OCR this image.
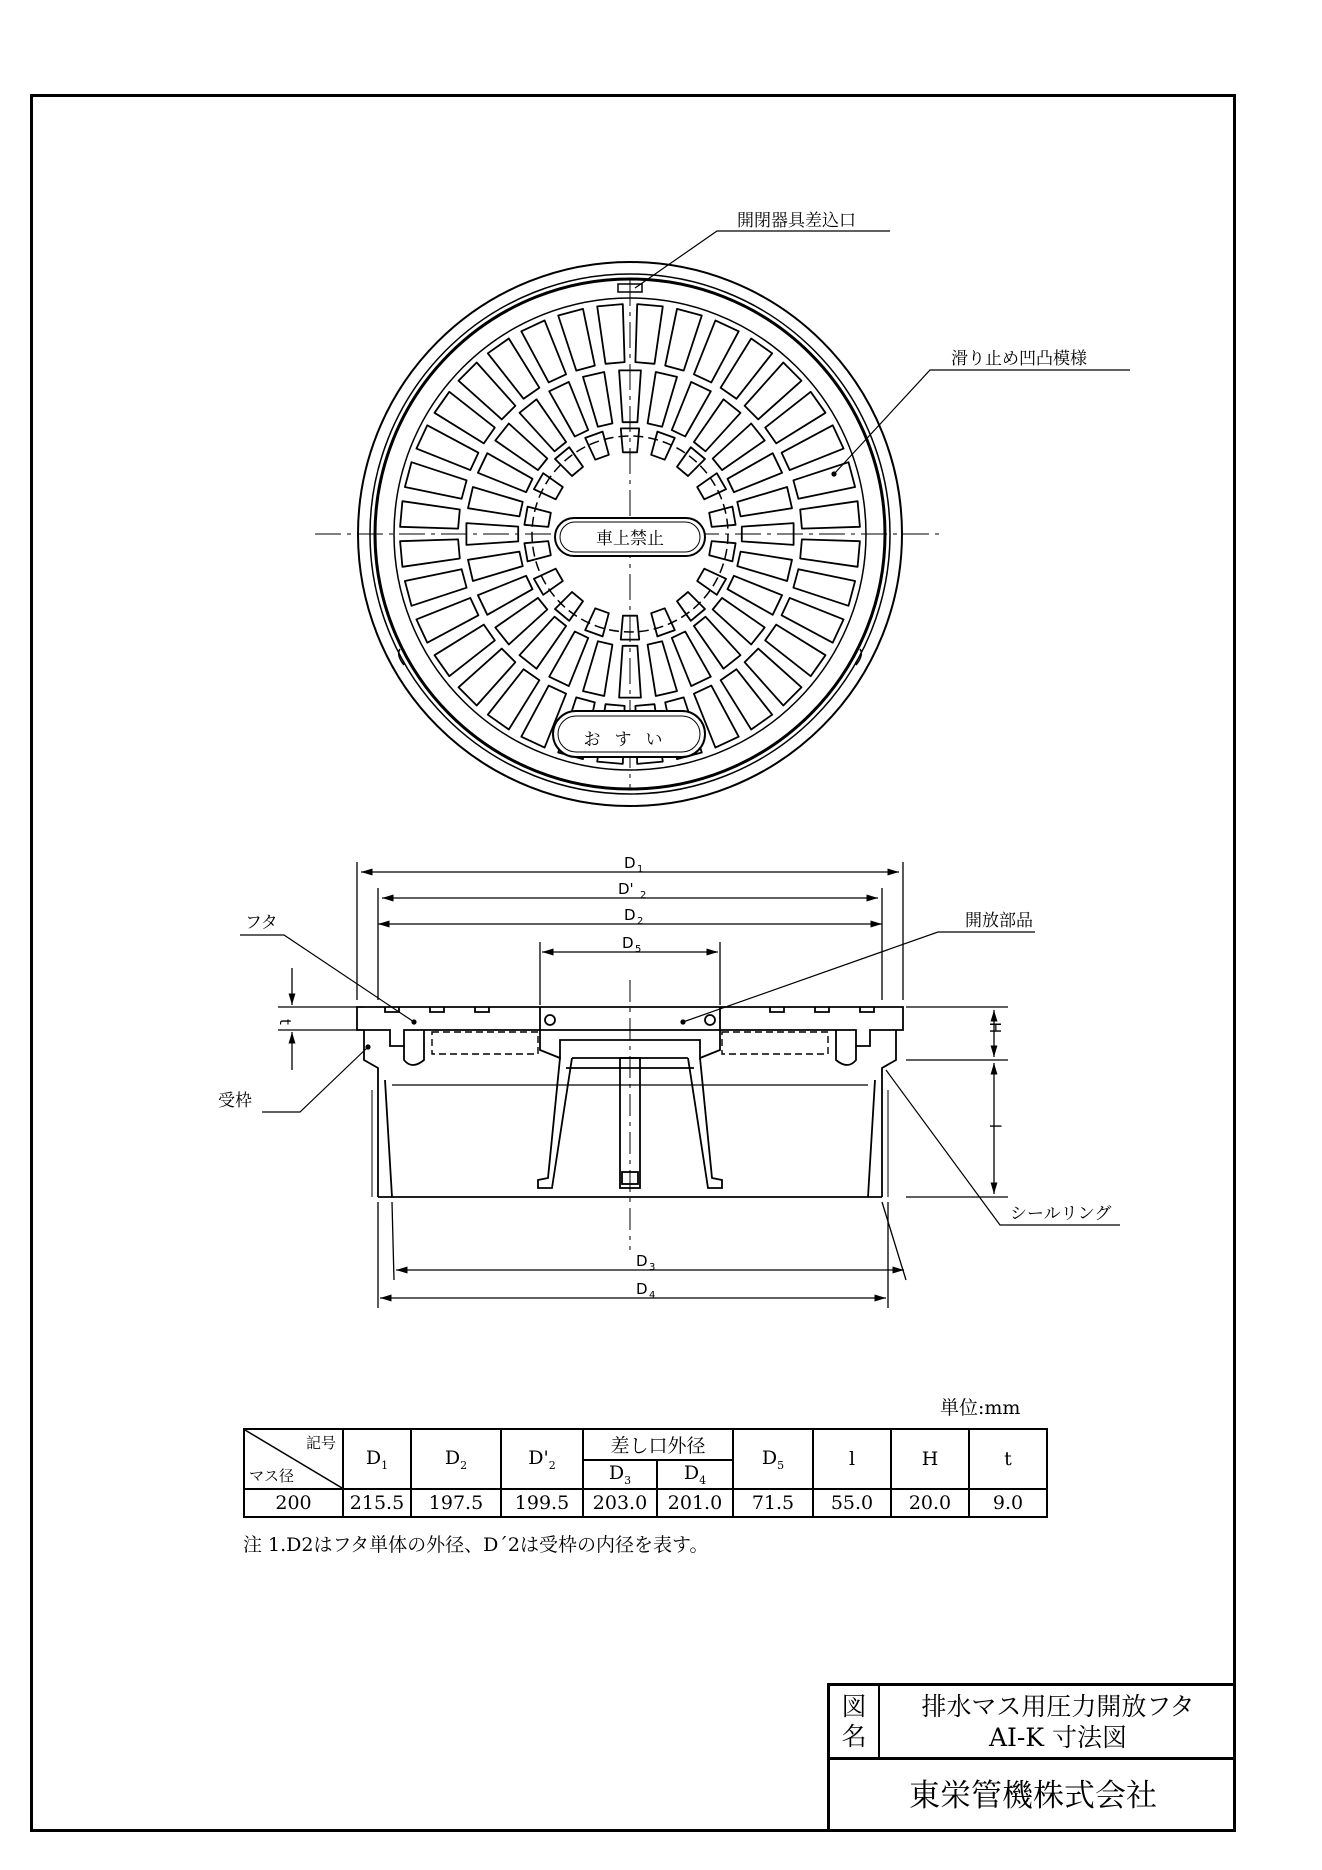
車上禁止
おすい
開閉器具差込口
滑り止め凹凸模様
D 1
D' 2
D 2
D 5
D 3
D 4
t
H
l
フタ
受枠
開放部品
シールリング
単位:mm
記号
マス径	$D_1$	$D_2$	$D'_2$	差し口外径		$D_5$	l	H	t
				$D_3$	$D_4$
200	215.5	197.5	199.5	203.0	201.0	71.5	55.0	20.0	9.0
注 1.D2はフタ単体の外径、D´2は受枠の内径を表す。
図
名
排水マス用圧力開放フタ
AI-K 寸法図
東栄管機株式会社
